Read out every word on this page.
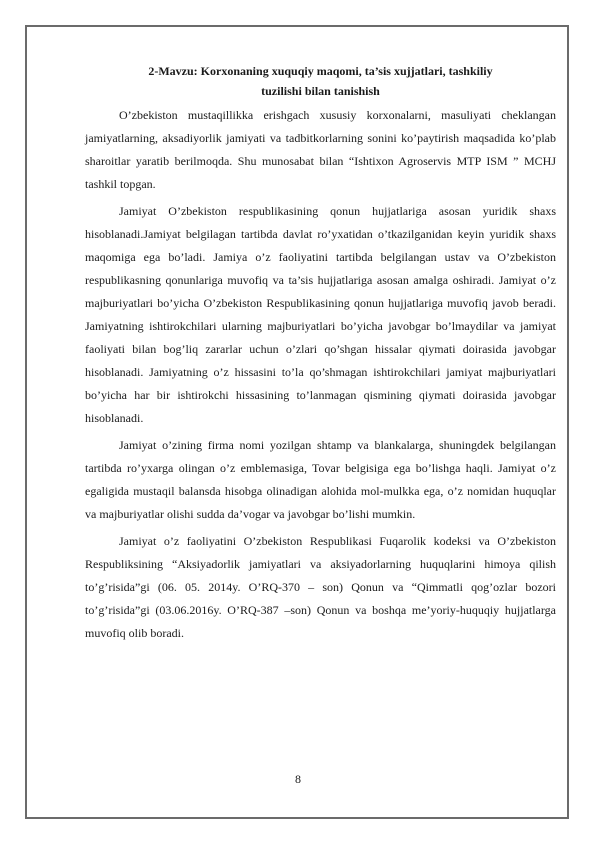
2-Mavzu: Korxonaning xuquqiy maqomi, ta’sis xujjatlari, tashkiliy
tuzilishi bilan tanishish

O’zbekiston mustaqillikka erishgach xususiy korxonalarni, masuliyati cheklangan jamiyatlarning, aksadiyorlik jamiyati va tadbitkorlarning sonini ko’paytirish maqsadida ko’plab sharoitlar yaratib berilmoqda. Shu munosabat bilan “Ishtixon Agroservis MTP ISM ” MCHJ tashkil topgan.

Jamiyat O’zbekiston respublikasining qonun hujjatlariga asosan yuridik shaxs hisoblanadi.Jamiyat belgilagan tartibda davlat ro’yxatidan o’tkazilganidan keyin yuridik shaxs maqomiga ega bo’ladi. Jamiya o’z faoliyatini tartibda belgilangan ustav va O’zbekiston respublikasning qonunlariga muvofiq va ta’sis hujjatlariga asosan amalga oshiradi. Jamiyat o’z majburiyatlari bo’yicha O’zbekiston Respublikasining qonun hujjatlariga muvofiq javob beradi. Jamiyatning ishtirokchilari ularning majburiyatlari bo’yicha javobgar bo’lmaydilar va jamiyat faoliyati bilan bog’liq zararlar uchun o’zlari qo’shgan hissalar qiymati doirasida javobgar hisoblanadi. Jamiyatning o’z hissasini to’la qo’shmagan ishtirokchilari jamiyat majburiyatlari bo’yicha har bir ishtirokchi hissasining to’lanmagan qismining qiymati doirasida javobgar hisoblanadi.

Jamiyat o’zining firma nomi yozilgan shtamp va blankalarga, shuningdek belgilangan tartibda ro’yxarga olingan o’z emblemasiga, Tovar belgisiga ega bo’lishga haqli. Jamiyat o’z egaligida mustaqil balansda hisobga olinadigan alohida mol-mulkka ega, o’z nomidan huquqlar va majburiyatlar olishi sudda da’vogar va javobgar bo’lishi mumkin.

Jamiyat o’z faoliyatini O’zbekiston Respublikasi Fuqarolik kodeksi va O’zbekiston Respubliksining “Aksiyadorlik jamiyatlari va aksiyadorlarning huquqlarini himoya qilish to’g’risida”gi (06. 05. 2014y. O’RQ-370 – son) Qonun va “Qimmatli qog’ozlar bozori to’g’risida”gi (03.06.2016y. O’RQ-387 –son) Qonun va boshqa me’yoriy-huquqiy hujjatlarga muvofiq olib boradi.

8
